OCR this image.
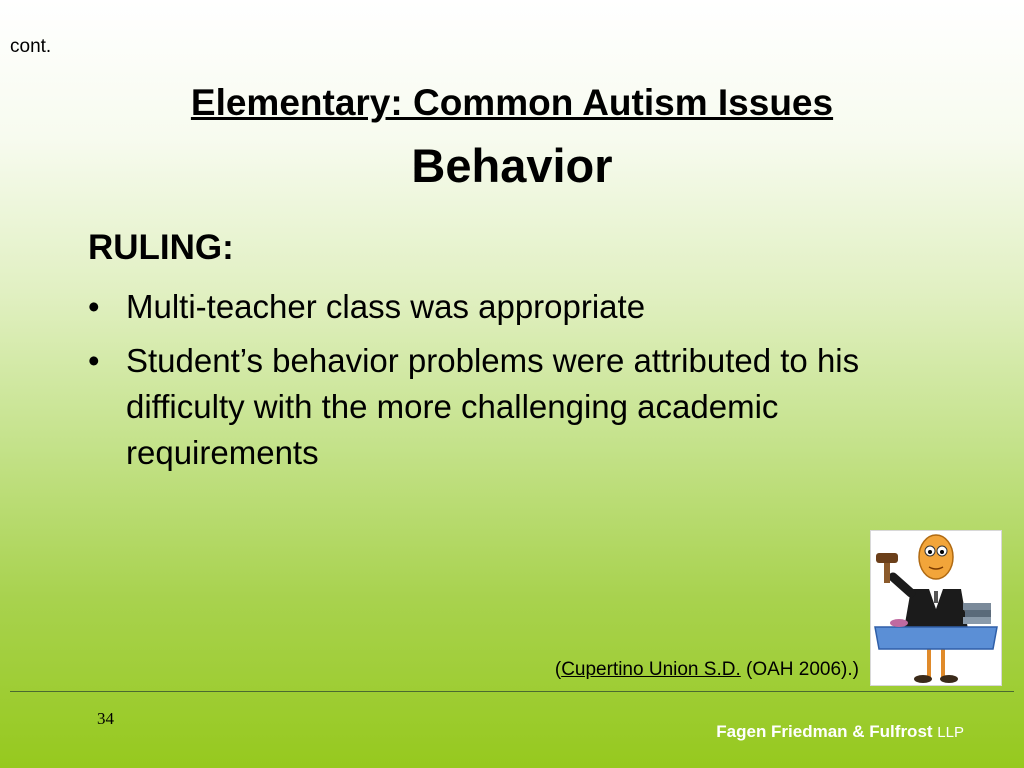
cont.
Elementary: Common Autism Issues
Behavior
RULING:
• Multi-teacher class was appropriate
• Student’s behavior problems were attributed to his difficulty with the more challenging academic requirements
(Cupertino Union S.D. (OAH 2006).)
34
Fagen Friedman & Fulfrost LLP
